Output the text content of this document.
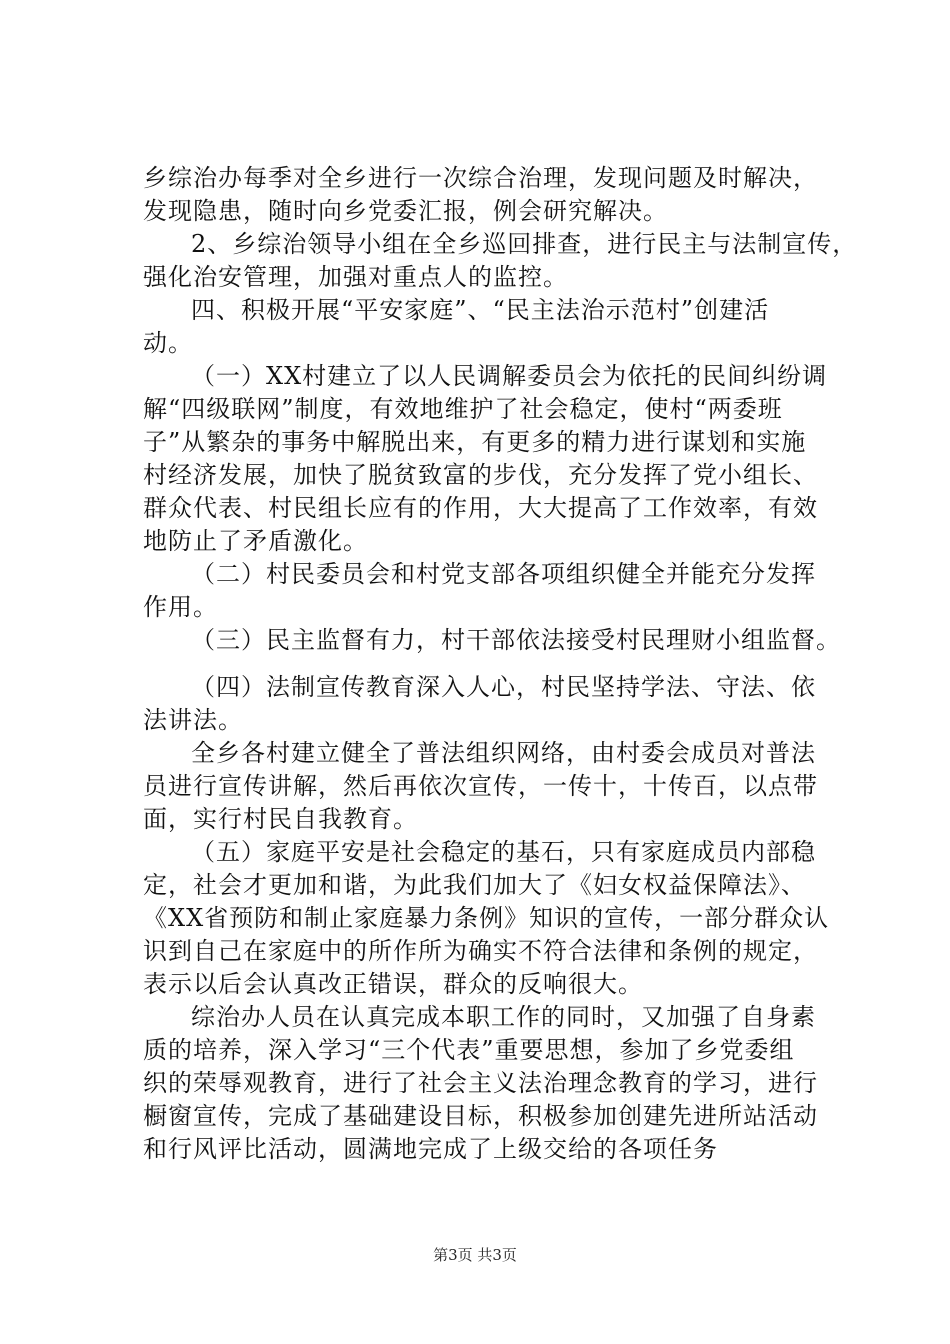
乡综治办每季对全乡进行一次综合治理，发现问题及时解决，
发现隐患，随时向乡党委汇报，例会研究解决。
2、乡综治领导小组在全乡巡回排查，进行民主与法制宣传，
强化治安管理，加强对重点人的监控。
四、积极开展“平安家庭”、“民主法治示范村”创建活
动。
（一）XX村建立了以人民调解委员会为依托的民间纠纷调
解“四级联网”制度，有效地维护了社会稳定，使村“两委班
子”从繁杂的事务中解脱出来，有更多的精力进行谋划和实施
村经济发展，加快了脱贫致富的步伐，充分发挥了党小组长、
群众代表、村民组长应有的作用，大大提高了工作效率，有效
地防止了矛盾激化。
（二）村民委员会和村党支部各项组织健全并能充分发挥
作用。
（三）民主监督有力，村干部依法接受村民理财小组监督。
（四）法制宣传教育深入人心，村民坚持学法、守法、依
法讲法。
全乡各村建立健全了普法组织网络，由村委会成员对普法
员进行宣传讲解，然后再依次宣传，一传十，十传百，以点带
面，实行村民自我教育。
（五）家庭平安是社会稳定的基石，只有家庭成员内部稳
定，社会才更加和谐，为此我们加大了《妇女权益保障法》、
《XX省预防和制止家庭暴力条例》知识的宣传，一部分群众认
识到自己在家庭中的所作所为确实不符合法律和条例的规定，
表示以后会认真改正错误，群众的反响很大。
综治办人员在认真完成本职工作的同时，又加强了自身素
质的培养，深入学习“三个代表”重要思想，参加了乡党委组
织的荣辱观教育，进行了社会主义法治理念教育的学习，进行
橱窗宣传，完成了基础建设目标，积极参加创建先进所站活动
和行风评比活动，圆满地完成了上级交给的各项任务
第3页 共3页
